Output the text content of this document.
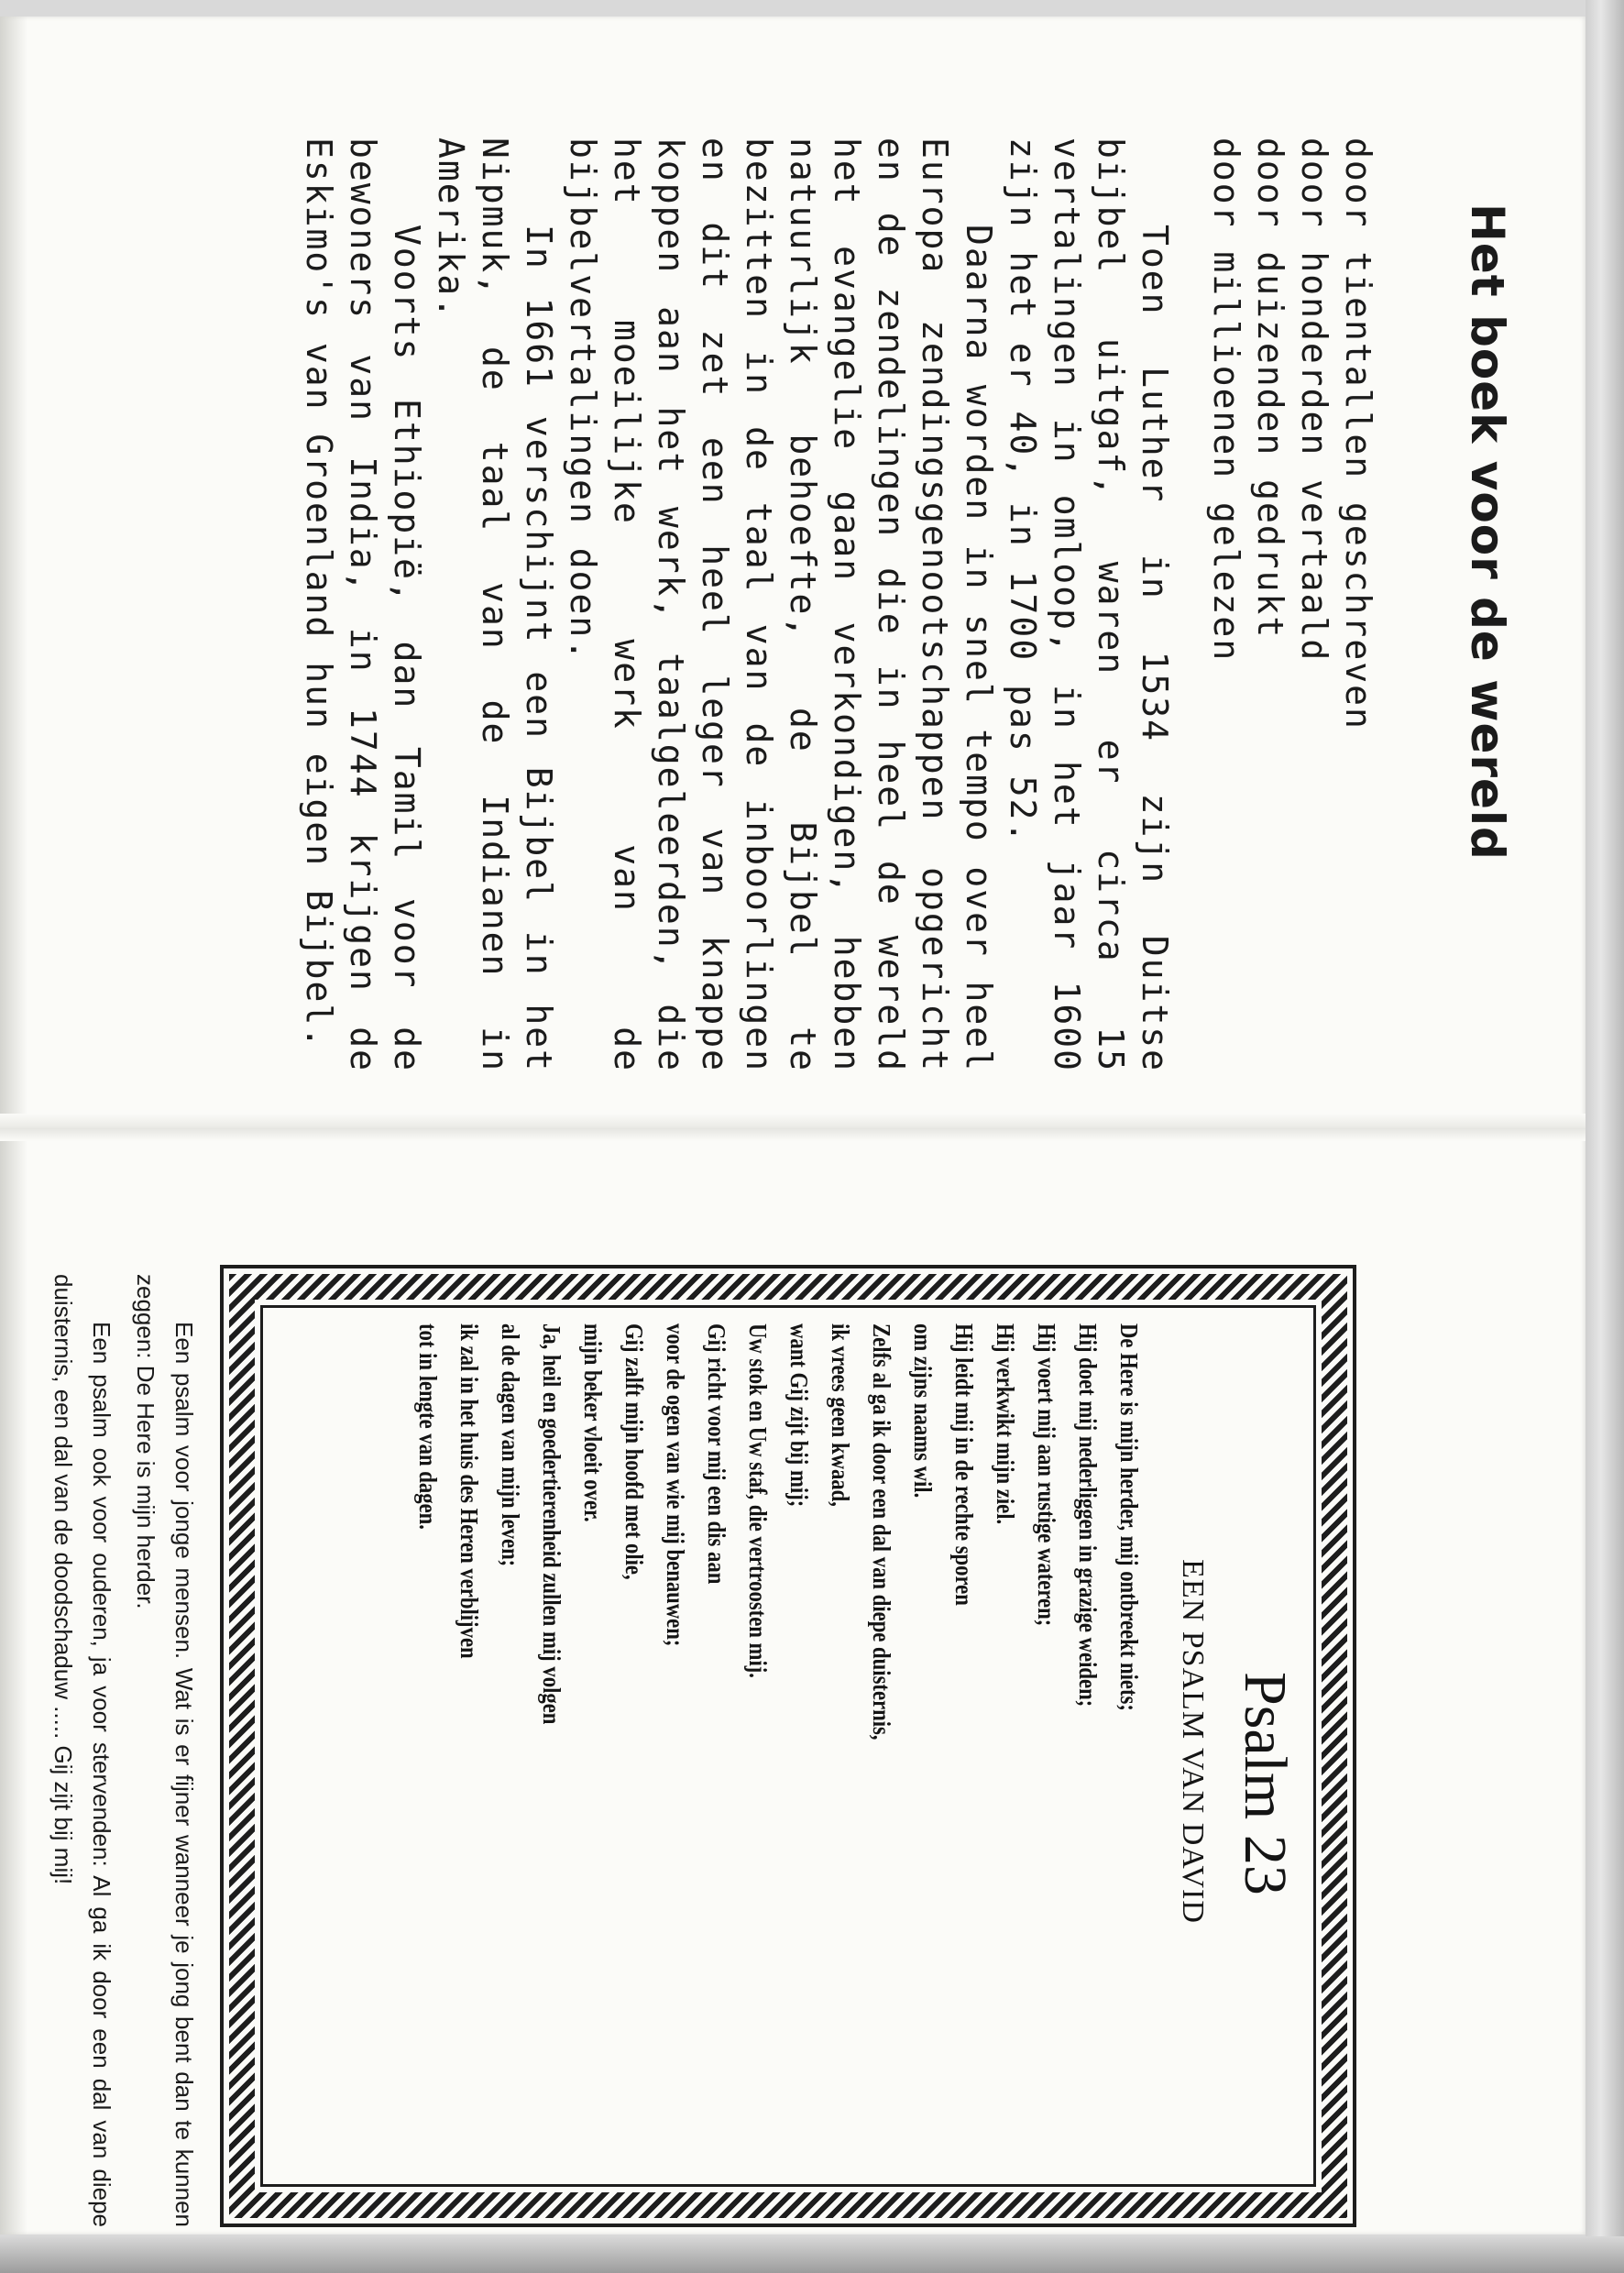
Het boek voor de wereld
door tientallen geschreven
door honderden vertaald
door duizenden gedrukt
door millioenen gelezen

Toen Luther in 1534 zijn Duitse bijbel uitgaf, waren er circa 15 vertalingen in omloop, in het jaar 1600 zijn het er 40, in 1700 pas 52.

Daarna worden in snel tempo over heel Europa zendingsgenootschappen opgericht en de zendelingen die in heel de wereld het evangelie gaan verkondigen, hebben natuurlijk behoefte, de Bijbel te bezitten in de taal van de inboorlingen en dit zet een heel leger van knappe koppen aan het werk, taalgeleerden, die het moeilijke werk van de bijbelvertalingen doen.

In 1661 verschijnt een Bijbel in het Nipmuk, de taal van de Indianen in Amerika.

Voorts Ethiopië, dan Tamil voor de bewoners van India, in 1744 krijgen de Eskimo's van Groenland hun eigen Bijbel.

Psalm 23
EEN PSALM VAN DAVID
De Here is mijn herder, mij ontbreekt niets;
Hij doet mij nederliggen in grazige weiden;
Hij voert mij aan rustige wateren;
Hij verkwikt mijn ziel.
Hij leidt mij in de rechte sporen
om zijns naams wil.
Zelfs al ga ik door een dal van diepe duisternis,
ik vrees geen kwaad,
want Gij zijt bij mij;
Uw stok en Uw staf, die vertroosten mij.
Gij richt voor mij een dis aan
voor de ogen van wie mij benauwen;
Gij zalft mijn hoofd met olie,
mijn beker vloeit over.
Ja, heil en goedertierenheid zullen mij volgen
al de dagen van mijn leven;
ik zal in het huis des Heren verblijven
tot in lengte van dagen.

Een psalm voor jonge mensen. Wat is er fijner wanneer je jong bent dan te kunnen zeggen: De Here is mijn herder.

Een psalm ook voor ouderen, ja voor stervenden: Al ga ik door een dal van diepe duisternis, een dal van de doodschaduw ..... Gij zijt bij mij!
